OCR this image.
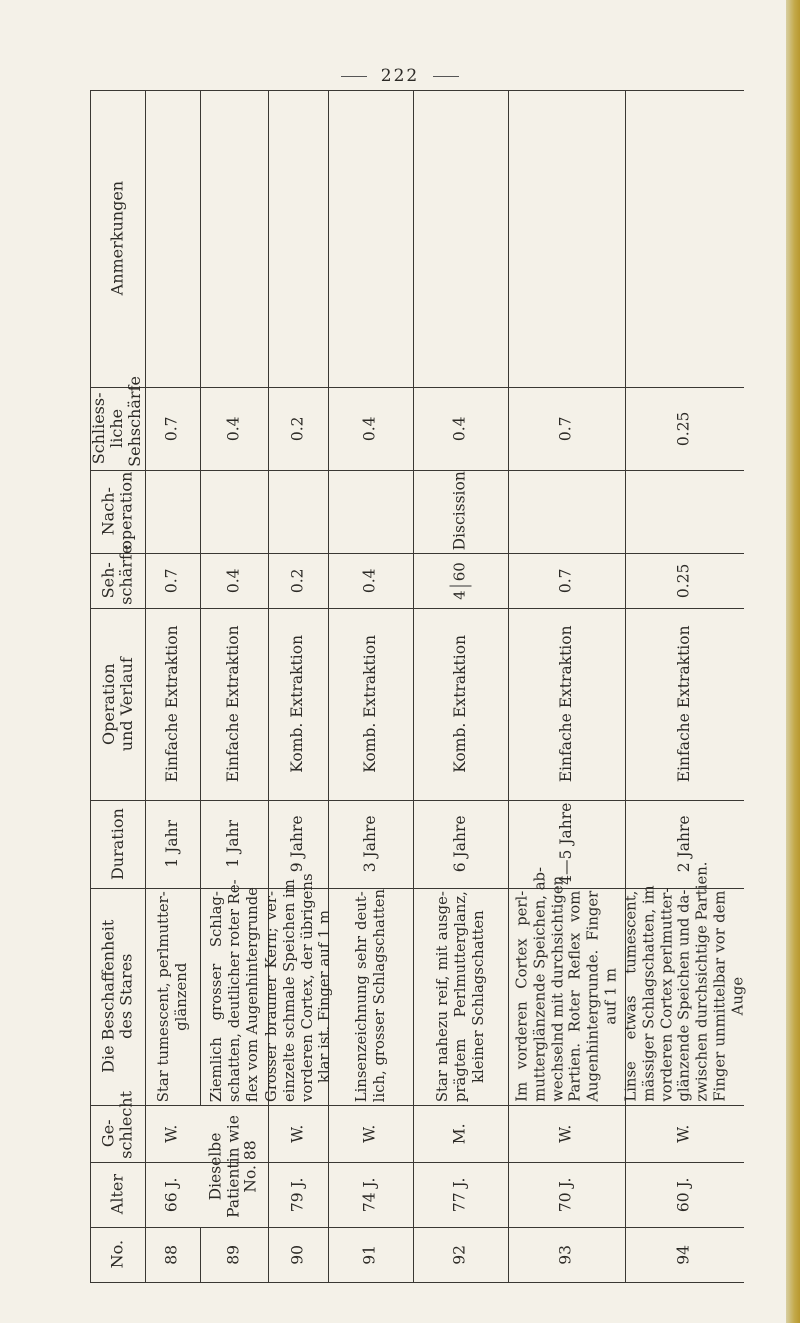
222
Anmerkungen
Schliess- liche Sehschärfe
Nach- operation
Seh- schärfe
Operation und Verlauf
Duration
Die Beschaffenheit des Stares
Ge- schlecht
Alter
No.
0.7
0.7
Einfache Extraktion
1 Jahr
Star tumescent, perlmutter- glänzend
W.
66 J.
88
0.4
0.4
Einfache Extraktion
1 Jahr
Ziemlich grosser Schlag- schatten, deutlicher roter Re- flex vom Augenhintergrunde
Dieselbe Patientin wie No. 88
89
0.2
0.2
Komb. Extraktion
9 Jahre
Grosser brauner Kern; ver- einzelte schmale Speichen im vorderen Cortex, der übrigens klar ist. Finger auf 1 m
W.
79 J.
90
0.4
0.4
Komb. Extraktion
3 Jahre
Linsenzeichnung sehr deut- lich, grosser Schlagschatten
W.
74 J.
91
0.4
Discission
4
60
Komb. Extraktion
6 Jahre
Star nahezu reif, mit ausge- prägtem Perlmutterglanz, kleiner Schlagschatten
M.
77 J.
92
0.7
0.7
Einfache Extraktion
4—5 Jahre
Im vorderen Cortex perl- mutterglänzende Speichen, ab- wechselnd mit durchsichtigen Partien. Roter Reflex vom Augenhintergrunde. Finger auf 1 m
W.
70 J.
93
0.25
0.25
Einfache Extraktion
2 Jahre
Linse etwas tumescent, mässiger Schlagschatten, im vorderen Cortex perlmutter- glänzende Speichen und da- zwischen durchsichtige Partien. Finger unmittelbar vor dem Auge
W.
60 J.
94
